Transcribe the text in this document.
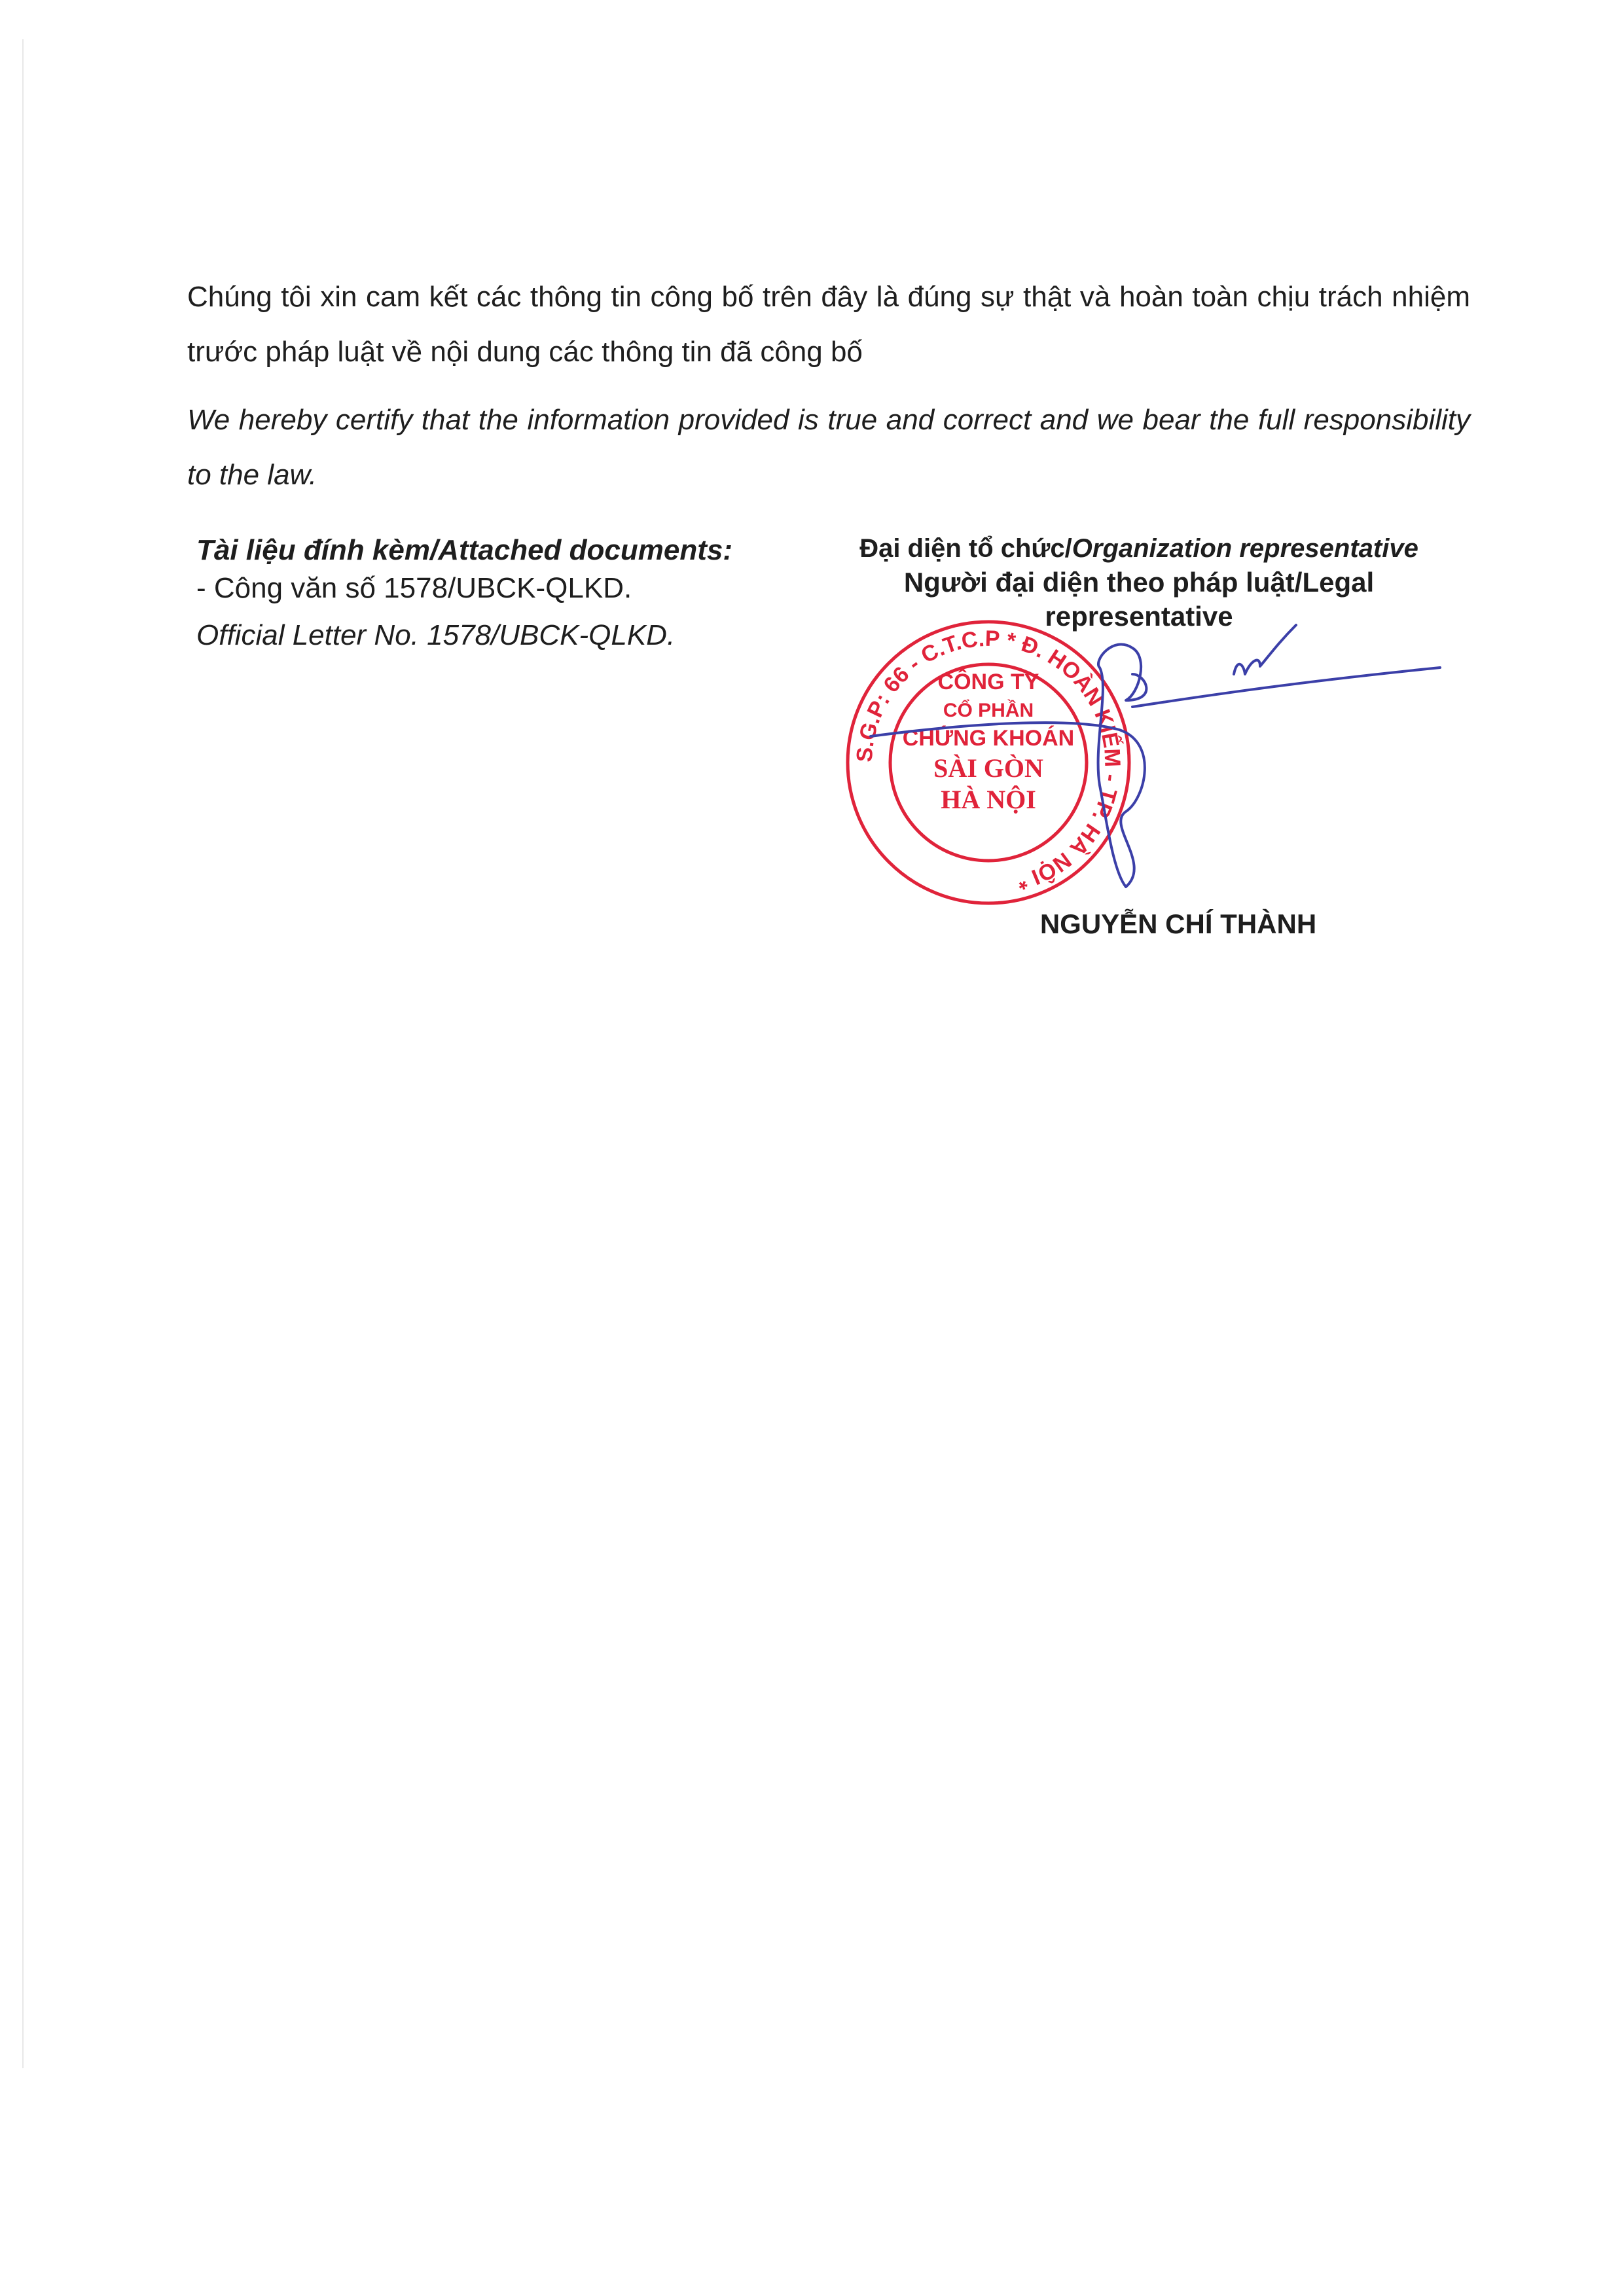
Chúng tôi xin cam kết các thông tin công bố trên đây là đúng sự thật và hoàn toàn chịu trách nhiệm trước pháp luật về nội dung các thông tin đã công bố

We hereby certify that the information provided is true and correct and we bear the full responsibility to the law.

Tài liệu đính kèm/Attached documents:
- Công văn số 1578/UBCK-QLKD.
Official Letter No. 1578/UBCK-QLKD.
Đại diện tổ chức/Organization representative
Người đại diện theo pháp luật/Legal
representative
S.G.P: 66 - C.T.C.P * Đ. HOÀN KIẾM - TP. HÀ NỘI *
CÔNG TY
CỔ PHẦN
CHỨNG KHOÁN
SÀI GÒN
HÀ NỘI
NGUYỄN CHÍ THÀNH
